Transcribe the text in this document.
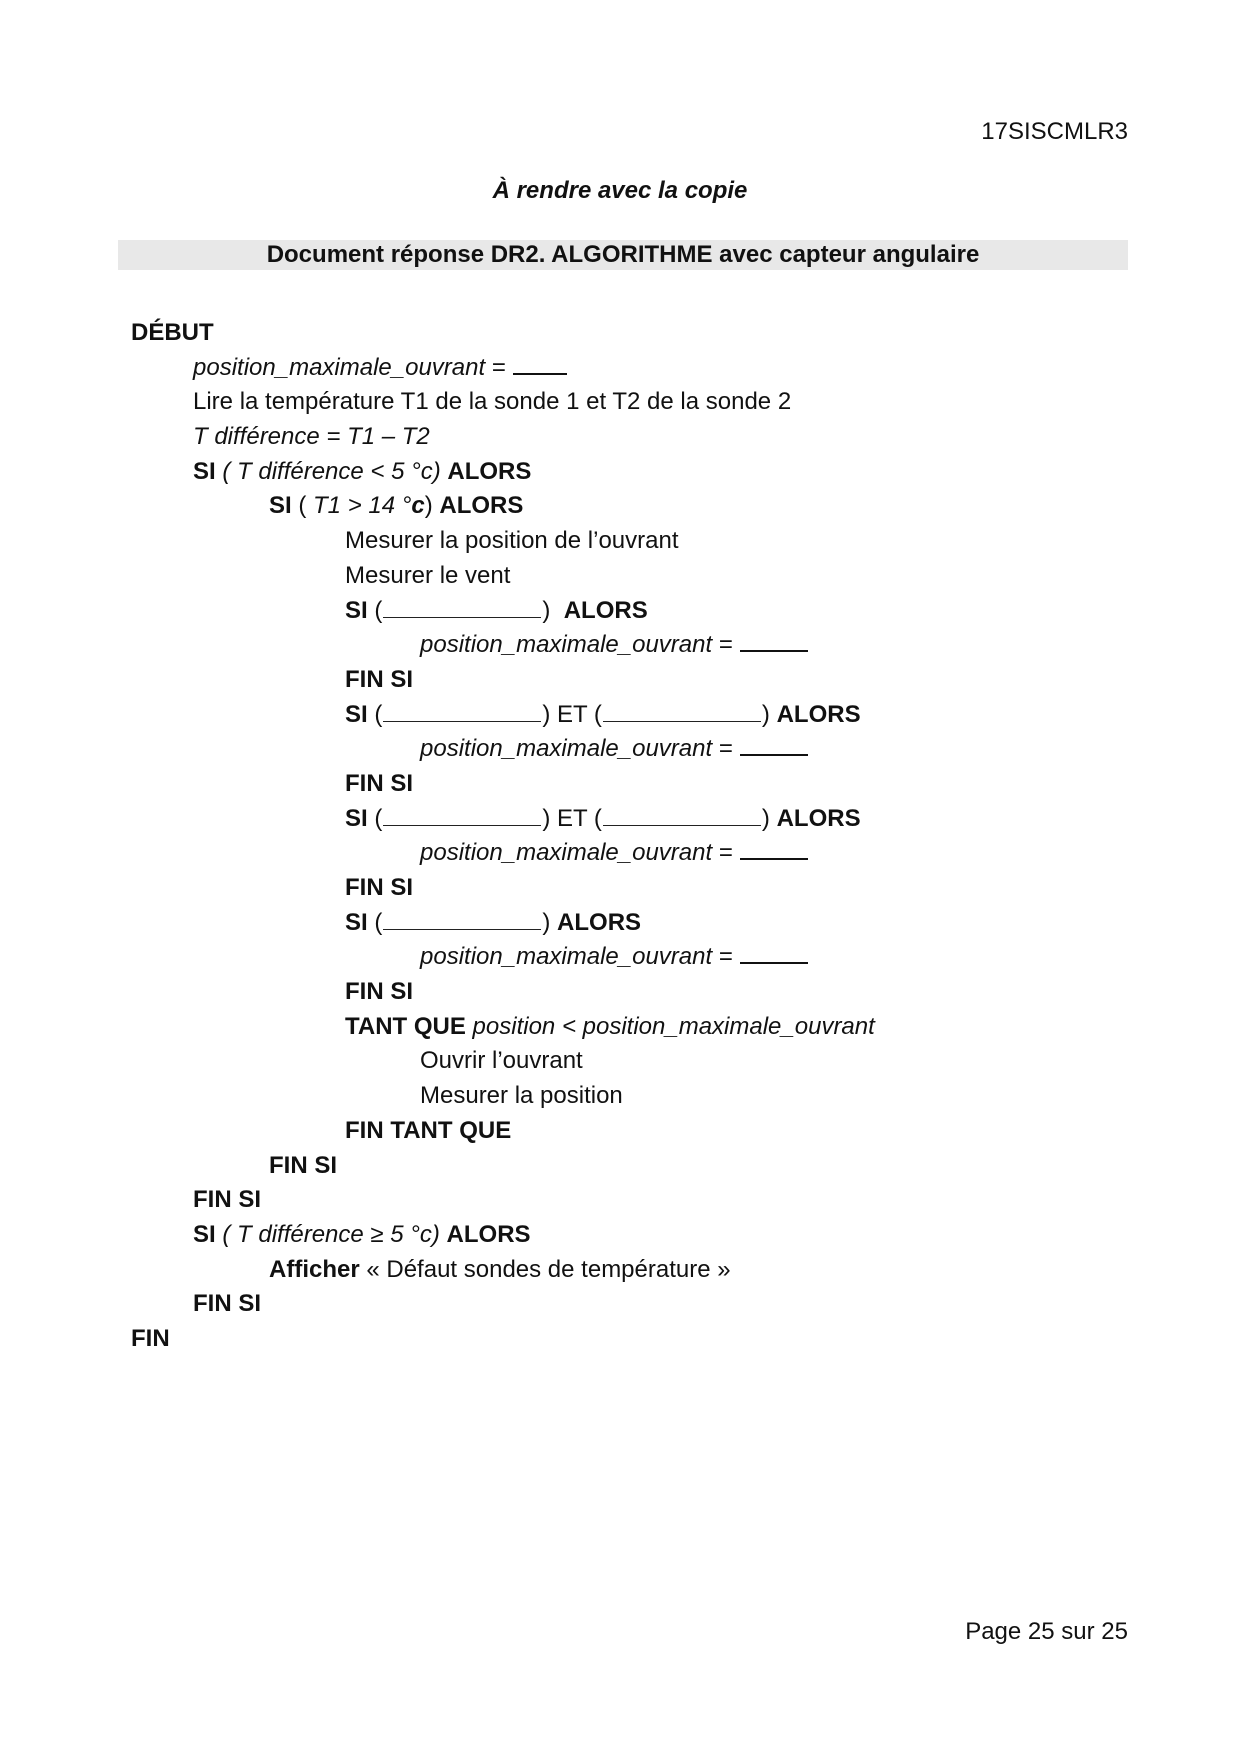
17SISCMLR3
À rendre avec la copie
Document réponse DR2. ALGORITHME avec capteur angulaire
DÉBUT
position_maximale_ouvrant =
Lire la température T1 de la sonde 1 et T2 de la sonde 2
T différence = T1 – T2
SI ( T différence < 5 °c) ALORS
SI ( T1 > 14 °c) ALORS
Mesurer la position de l’ouvrant
Mesurer le vent
SI (	) ALORS
position_maximale_ouvrant =
FIN SI
SI (	) ET (	) ALORS
position_maximale_ouvrant =
FIN SI
SI (	) ET (	) ALORS
position_maximale_ouvrant =
FIN SI
SI (	) ALORS
position_maximale_ouvrant =
FIN SI
TANT QUE position < position_maximale_ouvrant
Ouvrir l’ouvrant
Mesurer la position
FIN TANT QUE
FIN SI
FIN SI
SI ( T différence ≥ 5 °c) ALORS
Afficher « Défaut sondes de température »
FIN SI
FIN
Page 25 sur 25
